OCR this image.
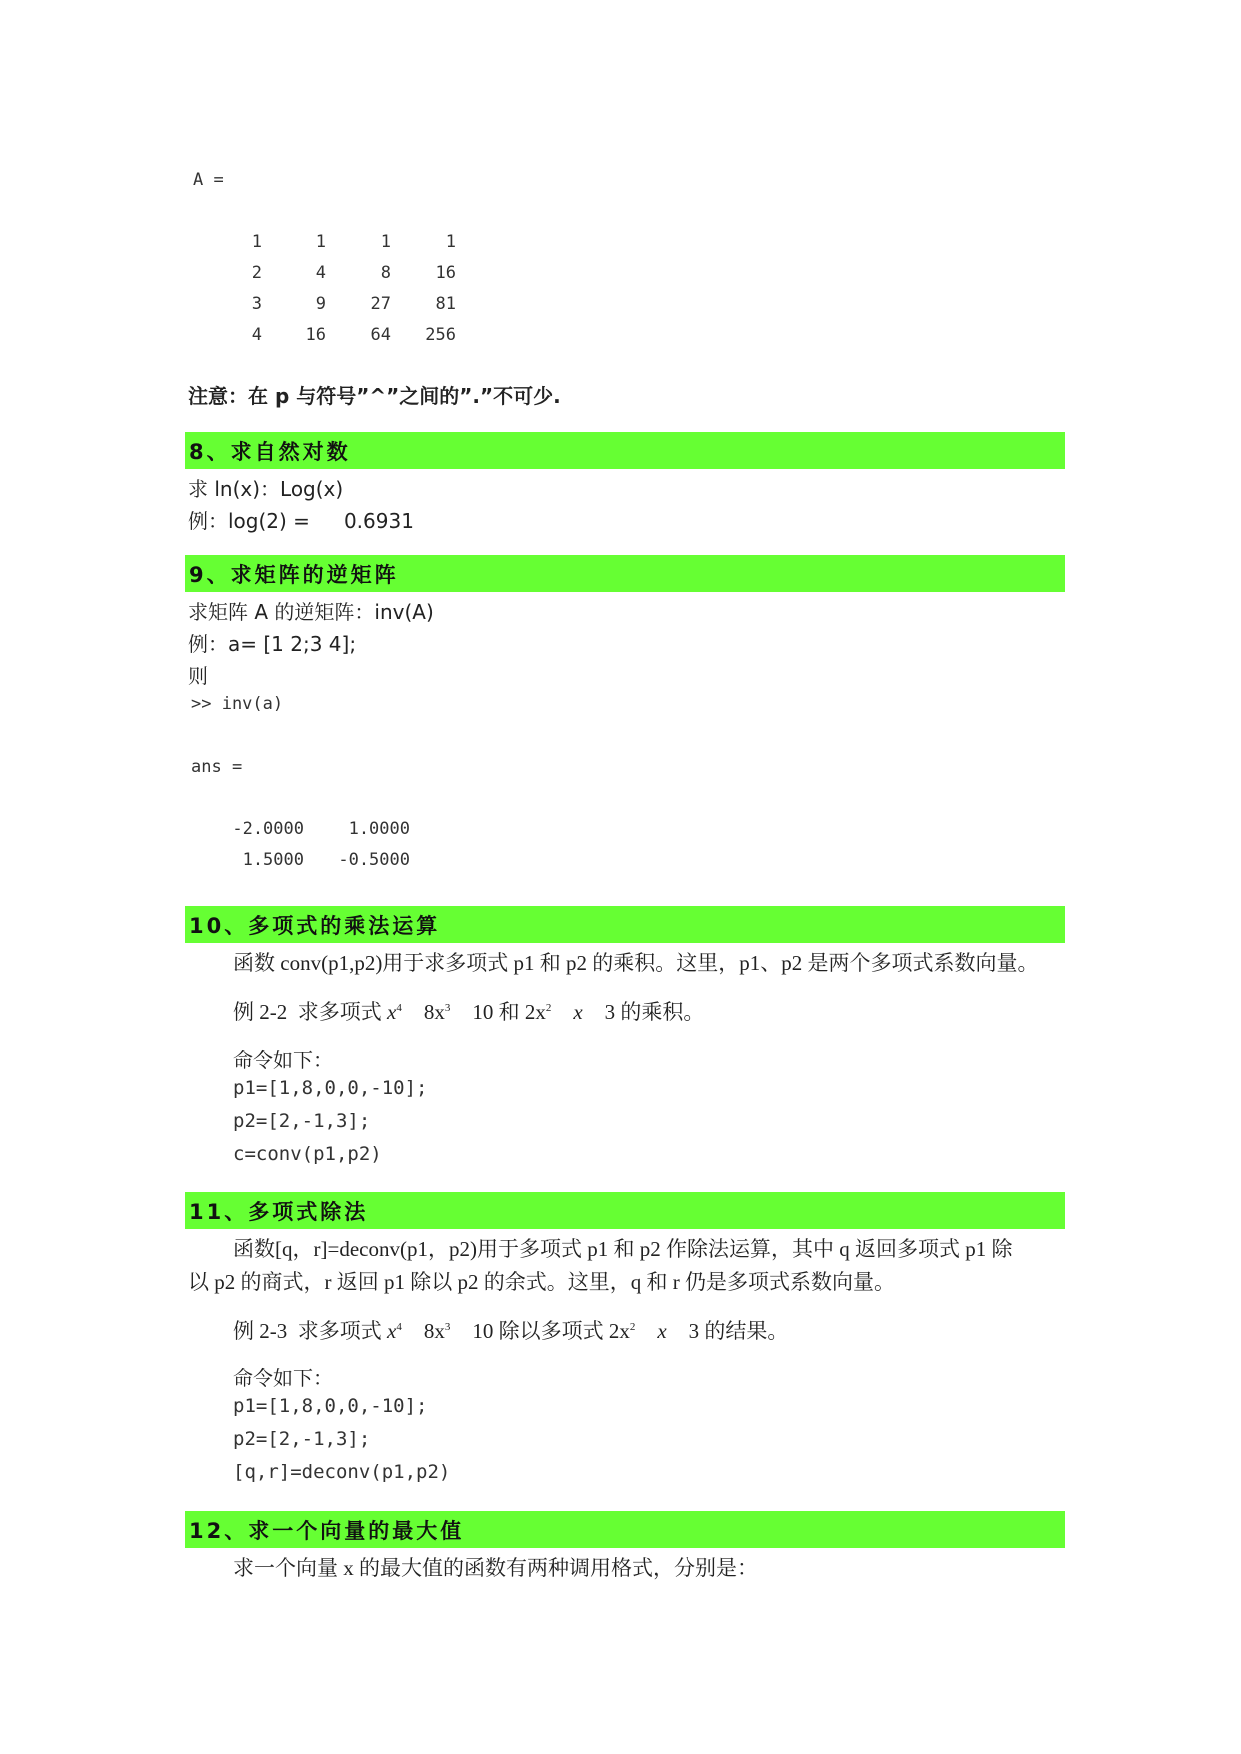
A =
1	1	1	1
2	4	8	16
3	9	27	81
4	16	64	256
注意：在 p 与符号”^”之间的”.”不可少.
8、求自然对数
求 ln(x)：Log(x)
例：log(2) = 0.6931
9、求矩阵的逆矩阵
求矩阵 A 的逆矩阵：inv(A)
例：a= [1 2;3 4];
则
>> inv(a)
ans =
-2.0000	1.0000
1.5000	-0.5000
10、多项式的乘法运算
函数 conv(p1,p2)用于求多项式 p1 和 p2 的乘积。这里，p1、p2 是两个多项式系数向量。
例 2-2  求多项式 $x^4$ $8x^3$ 10 和 $2x^2$ x 3 的乘积。
命令如下：
p1=[1,8,0,0,-10];
p2=[2,-1,3];
c=conv(p1,p2)
11、多项式除法
函数[q，r]=deconv(p1，p2)用于多项式 p1 和 p2 作除法运算，其中 q 返回多项式 p1 除
以 p2 的商式，r 返回 p1 除以 p2 的余式。这里，q 和 r 仍是多项式系数向量。
例 2-3  求多项式 $x^4$ $8x^3$ 10 除以多项式 $2x^2$ x 3 的结果。
命令如下：
p1=[1,8,0,0,-10];
p2=[2,-1,3];
[q,r]=deconv(p1,p2)
12、求一个向量的最大值
求一个向量 x 的最大值的函数有两种调用格式，分别是：
